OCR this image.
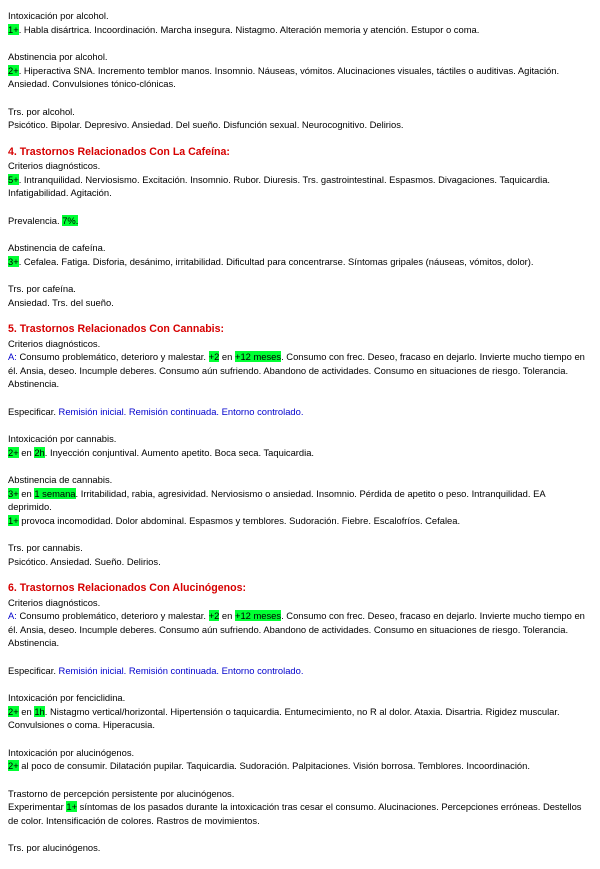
Intoxicación por alcohol.
1+. Habla disártrica. Incoordinación. Marcha insegura. Nistagmo. Alteración memoria y atención. Estupor o coma.
Abstinencia por alcohol.
2+. Hiperactiva SNA. Incremento temblor manos. Insomnio. Náuseas, vómitos. Alucinaciones visuales, táctiles o auditivas. Agitación. Ansiedad. Convulsiones tónico-clónicas.
Trs. por alcohol.
Psicótico. Bipolar. Depresivo. Ansiedad. Del sueño. Disfunción sexual. Neurocognitivo. Delirios.
4. Trastornos Relacionados Con La Cafeína:
Criterios diagnósticos.
5+. Intranquilidad. Nerviosismo. Excitación. Insomnio. Rubor. Diuresis. Trs. gastrointestinal. Espasmos. Divagaciones. Taquicardia. Infatigabilidad. Agitación.
Prevalencia. 7%.
Abstinencia de cafeína.
3+. Cefalea. Fatiga. Disforia, desánimo, irritabilidad. Dificultad para concentrarse. Síntomas gripales (náuseas, vómitos, dolor).
Trs. por cafeína.
Ansiedad. Trs. del sueño.
5. Trastornos Relacionados Con Cannabis:
Criterios diagnósticos.
A: Consumo problemático, deterioro y malestar. +2 en +12 meses. Consumo con frec. Deseo, fracaso en dejarlo. Invierte mucho tiempo en él. Ansia, deseo. Incumple deberes. Consumo aún sufriendo. Abandono de actividades. Consumo en situaciones de riesgo. Tolerancia. Abstinencia.
Especificar. Remisión inicial. Remisión continuada. Entorno controlado.
Intoxicación por cannabis.
2+ en 2h. Inyección conjuntival. Aumento apetito. Boca seca. Taquicardia.
Abstinencia de cannabis.
3+ en 1 semana. Irritabilidad, rabia, agresividad. Nerviosismo o ansiedad. Insomnio. Pérdida de apetito o peso. Intranquilidad. EA deprimido.
1+ provoca incomodidad. Dolor abdominal. Espasmos y temblores. Sudoración. Fiebre. Escalofríos. Cefalea.
Trs. por cannabis.
Psicótico. Ansiedad. Sueño. Delirios.
6. Trastornos Relacionados Con Alucinógenos:
Criterios diagnósticos.
A: Consumo problemático, deterioro y malestar. +2 en +12 meses. Consumo con frec. Deseo, fracaso en dejarlo. Invierte mucho tiempo en él. Ansia, deseo. Incumple deberes. Consumo aún sufriendo. Abandono de actividades. Consumo en situaciones de riesgo. Tolerancia. Abstinencia.
Especificar. Remisión inicial. Remisión continuada. Entorno controlado.
Intoxicación por fenciclidina.
2+ en 1h. Nistagmo vertical/horizontal. Hipertensión o taquicardia. Entumecimiento, no R al dolor. Ataxia. Disartria. Rigidez muscular. Convulsiones o coma. Hiperacusia.
Intoxicación por alucinógenos.
2+ al poco de consumir. Dilatación pupilar. Taquicardia. Sudoración. Palpitaciones. Visión borrosa. Temblores. Incoordinación.
Trastorno de percepción persistente por alucinógenos.
Experimentar 1+ síntomas de los pasados durante la intoxicación tras cesar el consumo. Alucinaciones. Percepciones erróneas. Destellos de color. Intensificación de colores. Rastros de movimientos.
Trs. por alucinógenos.
